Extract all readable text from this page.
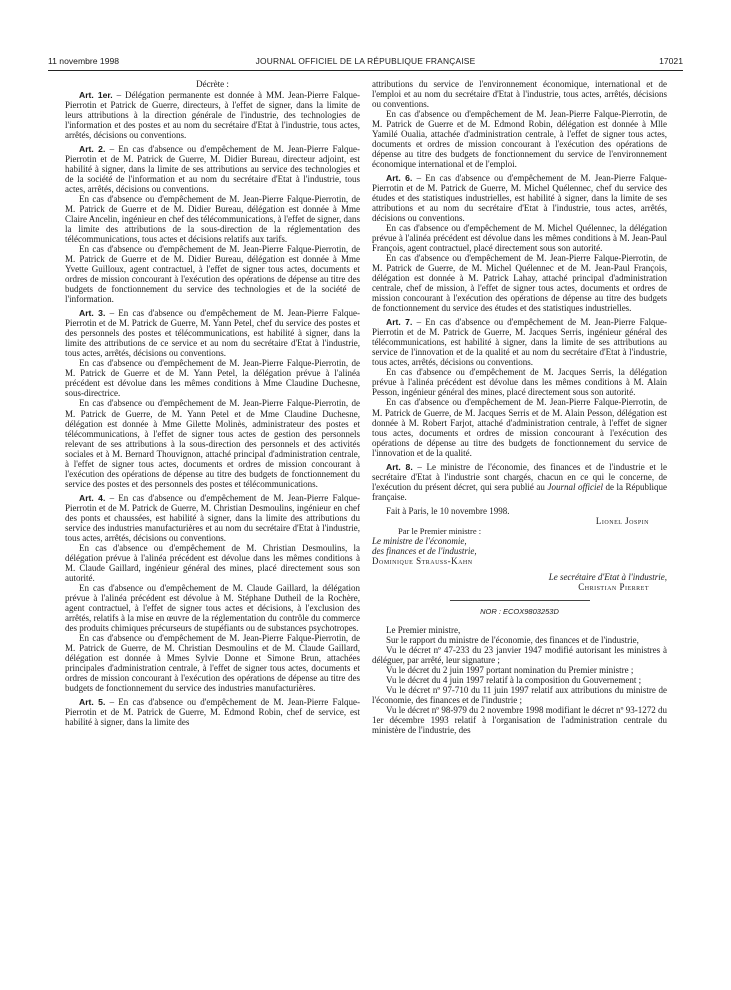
11 novembre 1998	JOURNAL OFFICIEL DE LA RÉPUBLIQUE FRANÇAISE	17021

Décrète :

Art. 1er. – Délégation permanente est donnée à MM. Jean-Pierre Falque-Pierrotin et Patrick de Guerre, directeurs, à l'effet de signer, dans la limite de leurs attributions à la direction générale de l'industrie, des technologies de l'information et des postes et au nom du secrétaire d'Etat à l'industrie, tous actes, arrêtés, décisions ou conventions.

Art. 2. – En cas d'absence ou d'empêchement de M. Jean-Pierre Falque-Pierrotin et de M. Patrick de Guerre, M. Didier Bureau, directeur adjoint, est habilité à signer, dans la limite de ses attributions au service des technologies et de la société de l'information et au nom du secrétaire d'Etat à l'industrie, tous actes, arrêtés, décisions ou conventions.

En cas d'absence ou d'empêchement de M. Jean-Pierre Falque-Pierrotin, de M. Patrick de Guerre et de M. Didier Bureau, délégation est donnée à Mme Claire Ancelin, ingénieur en chef des télécommunications, à l'effet de signer, dans la limite des attributions de la sous-direction de la réglementation des télécommunications, tous actes et décisions relatifs aux tarifs.

En cas d'absence ou d'empêchement de M. Jean-Pierre Falque-Pierrotin, de M. Patrick de Guerre et de M. Didier Bureau, délégation est donnée à Mme Yvette Guilloux, agent contractuel, à l'effet de signer tous actes, documents et ordres de mission concourant à l'exécution des opérations de dépense au titre des budgets de fonctionnement du service des technologies et de la société de l'information.

Art. 3. – En cas d'absence ou d'empêchement de M. Jean-Pierre Falque-Pierrotin et de M. Patrick de Guerre, M. Yann Petel, chef du service des postes et des personnels des postes et télécommunications, est habilité à signer, dans la limite des attributions de ce service et au nom du secrétaire d'Etat à l'industrie, tous actes, arrêtés, décisions ou conventions.

En cas d'absence ou d'empêchement de M. Jean-Pierre Falque-Pierrotin, de M. Patrick de Guerre et de M. Yann Petel, la délégation prévue à l'alinéa précédent est dévolue dans les mêmes conditions à Mme Claudine Duchesne, sous-directrice.

En cas d'absence ou d'empêchement de M. Jean-Pierre Falque-Pierrotin, de M. Patrick de Guerre, de M. Yann Petel et de Mme Claudine Duchesne, délégation est donnée à Mme Gilette Molinès, administrateur des postes et télécommunications, à l'effet de signer tous actes de gestion des personnels relevant de ses attributions à la sous-direction des personnels et des activités sociales et à M. Bernard Thouvignon, attaché principal d'administration centrale, à l'effet de signer tous actes, documents et ordres de mission concourant à l'exécution des opérations de dépense au titre des budgets de fonctionnement du service des postes et des personnels des postes et télécommunications.

Art. 4. – En cas d'absence ou d'empêchement de M. Jean-Pierre Falque-Pierrotin et de M. Patrick de Guerre, M. Christian Desmoulins, ingénieur en chef des ponts et chaussées, est habilité à signer, dans la limite des attributions du service des industries manufacturières et au nom du secrétaire d'Etat à l'industrie, tous actes, arrêtés, décisions ou conventions.

En cas d'absence ou d'empêchement de M. Christian Desmoulins, la délégation prévue à l'alinéa précédent est dévolue dans les mêmes conditions à M. Claude Gaillard, ingénieur général des mines, placé directement sous son autorité.

En cas d'absence ou d'empêchement de M. Claude Gaillard, la délégation prévue à l'alinéa précédent est dévolue à M. Stéphane Dutheil de la Rochère, agent contractuel, à l'effet de signer tous actes et décisions, à l'exclusion des arrêtés, relatifs à la mise en œuvre de la réglementation du contrôle du commerce des produits chimiques précurseurs de stupéfiants ou de substances psychotropes.

En cas d'absence ou d'empêchement de M. Jean-Pierre Falque-Pierrotin, de M. Patrick de Guerre, de M. Christian Desmoulins et de M. Claude Gaillard, délégation est donnée à Mmes Sylvie Donne et Simone Brun, attachées principales d'administration centrale, à l'effet de signer tous actes, documents et ordres de mission concourant à l'exécution des opérations de dépense au titre des budgets de fonctionnement du service des industries manufacturières.

Art. 5. – En cas d'absence ou d'empêchement de M. Jean-Pierre Falque-Pierrotin et de M. Patrick de Guerre, M. Edmond Robin, chef de service, est habilité à signer, dans la limite des

attributions du service de l'environnement économique, international et de l'emploi et au nom du secrétaire d'Etat à l'industrie, tous actes, arrêtés, décisions ou conventions.

En cas d'absence ou d'empêchement de M. Jean-Pierre Falque-Pierrotin, de M. Patrick de Guerre et de M. Edmond Robin, délégation est donnée à Mlle Yamilé Oualia, attachée d'administration centrale, à l'effet de signer tous actes, documents et ordres de mission concourant à l'exécution des opérations de dépense au titre des budgets de fonctionnement du service de l'environnement économique international et de l'emploi.

Art. 6. – En cas d'absence ou d'empêchement de M. Jean-Pierre Falque-Pierrotin et de M. Patrick de Guerre, M. Michel Quélennec, chef du service des études et des statistiques industrielles, est habilité à signer, dans la limite de ses attributions et au nom du secrétaire d'Etat à l'industrie, tous actes, arrêtés, décisions ou conventions.

En cas d'absence ou d'empêchement de M. Michel Quélennec, la délégation prévue à l'alinéa précédent est dévolue dans les mêmes conditions à M. Jean-Paul François, agent contractuel, placé directement sous son autorité.

En cas d'absence ou d'empêchement de M. Jean-Pierre Falque-Pierrotin, de M. Patrick de Guerre, de M. Michel Quélennec et de M. Jean-Paul François, délégation est donnée à M. Patrick Lahay, attaché principal d'administration centrale, chef de mission, à l'effet de signer tous actes, documents et ordres de mission concourant à l'exécution des opérations de dépense au titre des budgets de fonctionnement du service des études et des statistiques industrielles.

Art. 7. – En cas d'absence ou d'empêchement de M. Jean-Pierre Falque-Pierrotin et de M. Patrick de Guerre, M. Jacques Serris, ingénieur général des télécommunications, est habilité à signer, dans la limite de ses attributions au service de l'innovation et de la qualité et au nom du secrétaire d'Etat à l'industrie, tous actes, arrêtés, décisions ou conventions.

En cas d'absence ou d'empêchement de M. Jacques Serris, la délégation prévue à l'alinéa précédent est dévolue dans les mêmes conditions à M. Alain Pesson, ingénieur général des mines, placé directement sous son autorité.

En cas d'absence ou d'empêchement de M. Jean-Pierre Falque-Pierrotin, de M. Patrick de Guerre, de M. Jacques Serris et de M. Alain Pesson, délégation est donnée à M. Robert Farjot, attaché d'administration centrale, à l'effet de signer tous actes, documents et ordres de mission concourant à l'exécution des opérations de dépense au titre des budgets de fonctionnement du service de l'innovation et de la qualité.

Art. 8. – Le ministre de l'économie, des finances et de l'industrie et le secrétaire d'Etat à l'industrie sont chargés, chacun en ce qui le concerne, de l'exécution du présent décret, qui sera publié au Journal officiel de la République française.

Fait à Paris, le 10 novembre 1998.

Lionel Jospin

Par le Premier ministre :

Le ministre de l'économie,

des finances et de l'industrie,

Dominique Strauss-Kahn

Le secrétaire d'Etat à l'industrie,

Christian Pierret

NOR : ECOX9803253D

Le Premier ministre,

Sur le rapport du ministre de l'économie, des finances et de l'industrie,

Vu le décret nº 47-233 du 23 janvier 1947 modifié autorisant les ministres à déléguer, par arrêté, leur signature ;

Vu le décret du 2 juin 1997 portant nomination du Premier ministre ;

Vu le décret du 4 juin 1997 relatif à la composition du Gouvernement ;

Vu le décret nº 97-710 du 11 juin 1997 relatif aux attributions du ministre de l'économie, des finances et de l'industrie ;

Vu le décret nº 98-979 du 2 novembre 1998 modifiant le décret nº 93-1272 du 1er décembre 1993 relatif à l'organisation de l'administration centrale du ministère de l'industrie, des
